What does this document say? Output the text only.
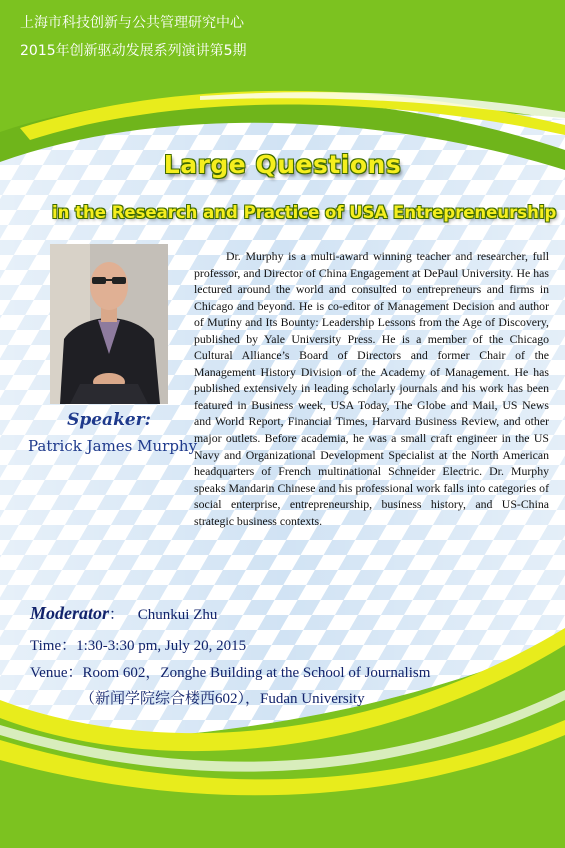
上海市科技创新与公共管理研究中心
2015年创新驱动发展系列演讲第5期
Large Questions
in the Research and Practice of USA Entrepreneurship
Speaker:
Patrick James Murphy

Dr. Murphy is a multi-award winning teacher and researcher, full professor, and Director of China Engagement at DePaul University. He has lectured around the world and consulted to entrepreneurs and firms in Chicago and beyond. He is co-editor of Management Decision and author of Mutiny and Its Bounty: Leadership Lessons from the Age of Discovery, published by Yale University Press. He is a member of the Chicago Cultural Alliance’s Board of Directors and former Chair of the Management History Division of the Academy of Management. He has published extensively in leading scholarly journals and his work has been featured in Business week, USA Today, The Globe and Mail, US News and World Report, Financial Times, Harvard Business Review, and other major outlets. Before academia, he was a small craft engineer in the US Navy and Organizational Development Specialist at the North American headquarters of French multinational Schneider Electric. Dr. Murphy speaks Mandarin Chinese and his professional work falls into categories of social enterprise, entrepreneurship, business history, and US-China strategic business contexts.

Moderator： Chunkui Zhu
Time：1:30-3:30 pm, July 20, 2015
Venue：Room 602，Zonghe Building at the School of Journalism
（新闻学院综合楼西602），Fudan University
